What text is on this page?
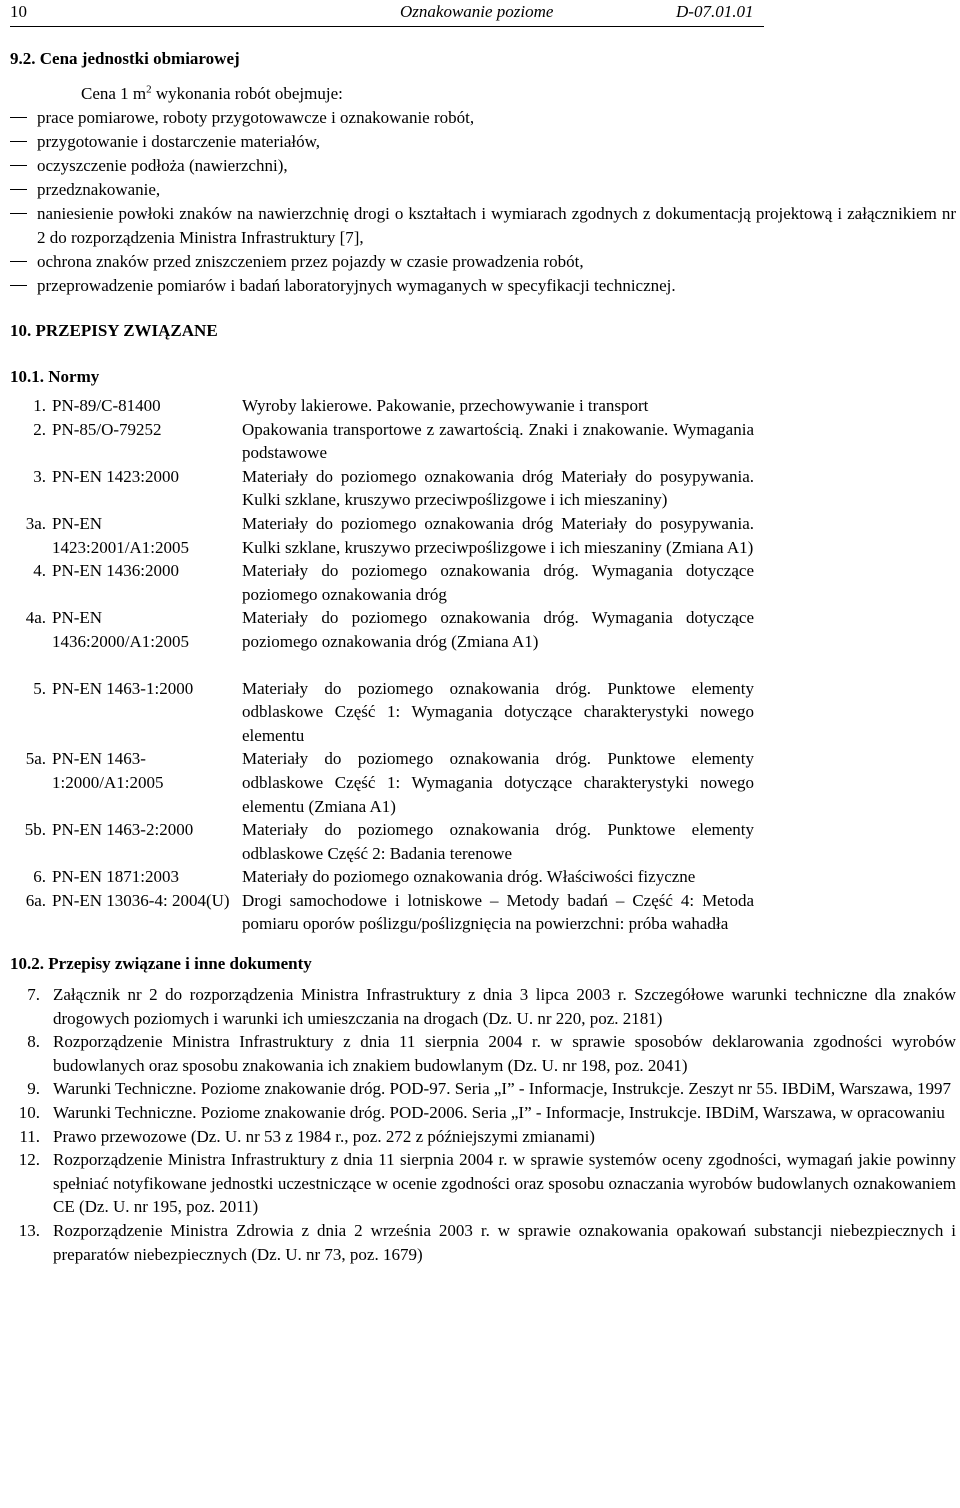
10	Oznakowanie poziome	D-07.01.01

9.2. Cena jednostki obmiarowej

Cena 1 $m^2$ wykonania robót obejmuje:

prace pomiarowe, roboty przygotowawcze i oznakowanie robót,
przygotowanie i dostarczenie materiałów,
oczyszczenie podłoża (nawierzchni),
przedznakowanie,
naniesienie powłoki znaków na nawierzchnię drogi o kształtach i wymiarach zgodnych z dokumentacją projektową i załącznikiem nr 2 do rozporządzenia Ministra Infrastruktury [7],
ochrona znaków przed zniszczeniem przez pojazdy w czasie prowadzenia robót,
przeprowadzenie pomiarów i badań laboratoryjnych wymaganych w specyfikacji technicznej.

10. PRZEPISY ZWIĄZANE

10.1. Normy

1.	PN-89/C-81400	Wyroby lakierowe. Pakowanie, przechowywanie i transport
2.	PN-85/O-79252	Opakowania transportowe z zawartością. Znaki i znakowanie. Wymagania podstawowe
3.	PN-EN 1423:2000	Materiały do poziomego oznakowania dróg Materiały do posypywania. Kulki szklane, kruszywo przeciwpoślizgowe i ich mieszaniny)
3a.	PN-EN 1423:2001/A1:2005	Materiały do poziomego oznakowania dróg Materiały do posypywania. Kulki szklane, kruszywo przeciwpoślizgowe i ich mieszaniny (Zmiana A1)
4.	PN-EN 1436:2000	Materiały do poziomego oznakowania dróg. Wymagania dotyczące poziomego oznakowania dróg
4a.	PN-EN 1436:2000/A1:2005	Materiały do poziomego oznakowania dróg. Wymagania dotyczące poziomego oznakowania dróg (Zmiana A1)

5.	PN-EN 1463-1:2000	Materiały do poziomego oznakowania dróg. Punktowe elementy odblaskowe Część 1: Wymagania dotyczące charakterystyki nowego elementu
5a.	PN-EN 1463-1:2000/A1:2005	Materiały do poziomego oznakowania dróg. Punktowe elementy odblaskowe Część 1: Wymagania dotyczące charakterystyki nowego elementu (Zmiana A1)
5b.	PN-EN 1463-2:2000	Materiały do poziomego oznakowania dróg. Punktowe elementy odblaskowe Część 2: Badania terenowe
6.	PN-EN 1871:2003	Materiały do poziomego oznakowania dróg. Właściwości fizyczne
6a.	PN-EN 13036-4: 2004(U)	Drogi samochodowe i lotniskowe – Metody badań – Część 4: Metoda pomiaru oporów poślizgu/poślizgnięcia na powierzchni: próba wahadła

10.2. Przepisy związane i inne dokumenty

7. Załącznik nr 2 do rozporządzenia Ministra Infrastruktury z dnia 3 lipca 2003 r. Szczegółowe warunki techniczne dla znaków drogowych poziomych i warunki ich umieszczania na drogach (Dz. U. nr 220, poz. 2181)
8. Rozporządzenie Ministra Infrastruktury z dnia 11 sierpnia 2004 r. w sprawie sposobów deklarowania zgodności wyrobów budowlanych oraz sposobu znakowania ich znakiem budowlanym (Dz. U. nr 198, poz. 2041)
9. Warunki Techniczne. Poziome znakowanie dróg. POD-97. Seria „I” - Informacje, Instrukcje. Zeszyt nr 55. IBDiM, Warszawa, 1997
10. Warunki Techniczne. Poziome znakowanie dróg. POD-2006. Seria „I” - Informacje, Instrukcje. IBDiM, Warszawa, w opracowaniu
11. Prawo przewozowe (Dz. U. nr 53 z 1984 r., poz. 272 z późniejszymi zmianami)
12. Rozporządzenie Ministra Infrastruktury z dnia 11 sierpnia 2004 r. w sprawie systemów oceny zgodności, wymagań jakie powinny spełniać notyfikowane jednostki uczestniczące w ocenie zgodności oraz sposobu oznaczania wyrobów budowlanych oznakowaniem CE (Dz. U. nr 195, poz. 2011)
13. Rozporządzenie Ministra Zdrowia z dnia 2 września 2003 r. w sprawie oznakowania opakowań substancji niebezpiecznych i preparatów niebezpiecznych (Dz. U. nr 73, poz. 1679)
